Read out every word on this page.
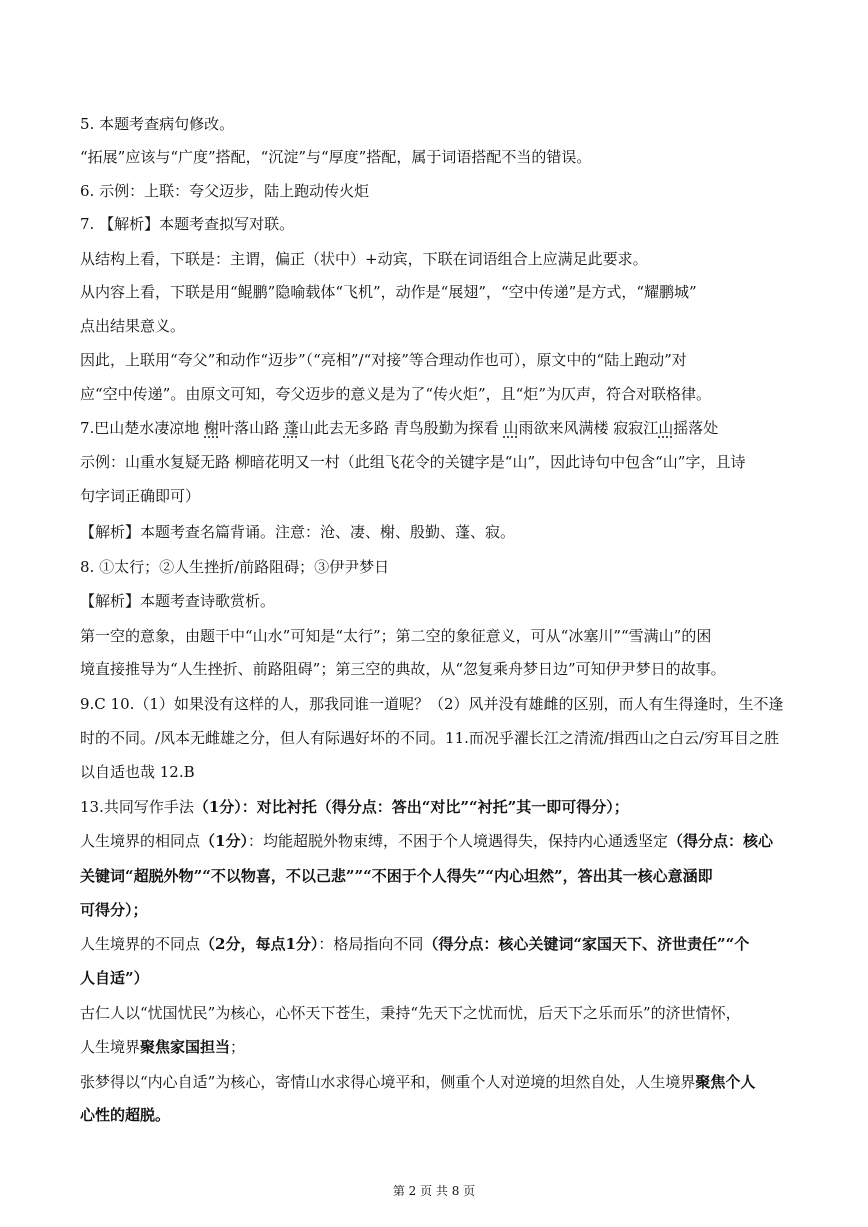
5. 本题考查病句修改。
“拓展”应该与“广度”搭配，“沉淀”与“厚度”搭配，属于词语搭配不当的错误。
6. 示例：上联：夸父迈步，陆上跑动传火炬
7. 【解析】本题考查拟写对联。
从结构上看，下联是：主谓，偏正（状中）+动宾，下联在词语组合上应满足此要求。
从内容上看，下联是用“鲲鹏”隐喻载体“飞机”，动作是“展翅”，“空中传递”是方式，“耀鹏城”
点出结果意义。
因此，上联用“夸父”和动作“迈步”（“亮相”/“对接”等合理动作也可），原文中的“陆上跑动”对
应“空中传递”。由原文可知，夸父迈步的意义是为了“传火炬”，且“炬”为仄声，符合对联格律。
7.巴山楚水凄凉地 榭叶落山路 蓬山此去无多路 青鸟殷勤为探看 山雨欲来风满楼 寂寂江山摇落处
示例：山重水复疑无路 柳暗花明又一村（此组飞花令的关键字是“山”，因此诗句中包含“山”字，且诗
句字词正确即可）
【解析】本题考查名篇背诵。注意：沧、凄、榭、殷勤、蓬、寂。
8. ①太行；②人生挫折/前路阻碍；③伊尹梦日
【解析】本题考查诗歌赏析。
第一空的意象，由题干中“山水”可知是“太行”；第二空的象征意义，可从“冰塞川”“雪满山”的困
境直接推导为“人生挫折、前路阻碍”；第三空的典故，从“忽复乘舟梦日边”可知伊尹梦日的故事。
9.C 10.（1）如果没有这样的人，那我同谁一道呢？（2）风并没有雄雌的区别，而人有生得逢时，生不逢
时的不同。/风本无雌雄之分，但人有际遇好坏的不同。11.而况乎濯长江之清流/揖西山之白云/穷耳目之胜
以自适也哉 12.B
13.共同写作手法（1分）：对比衬托（得分点：答出“对比”“衬托”其一即可得分）；
人生境界的相同点（1分）：均能超脱外物束缚，不困于个人境遇得失，保持内心通透坚定（得分点：核心
关键词“超脱外物”“不以物喜，不以己悲””“不困于个人得失”“内心坦然”，答出其一核心意涵即
可得分）；
人生境界的不同点（2分，每点1分）：格局指向不同（得分点：核心关键词“家国天下、济世责任”“个
人自适”）
古仁人以“忧国忧民”为核心，心怀天下苍生，秉持“先天下之忧而忧，后天下之乐而乐”的济世情怀，
人生境界聚焦家国担当；
张梦得以“内心自适”为核心，寄情山水求得心境平和，侧重个人对逆境的坦然自处，人生境界聚焦个人
心性的超脱。
第 2 页 共 8 页
